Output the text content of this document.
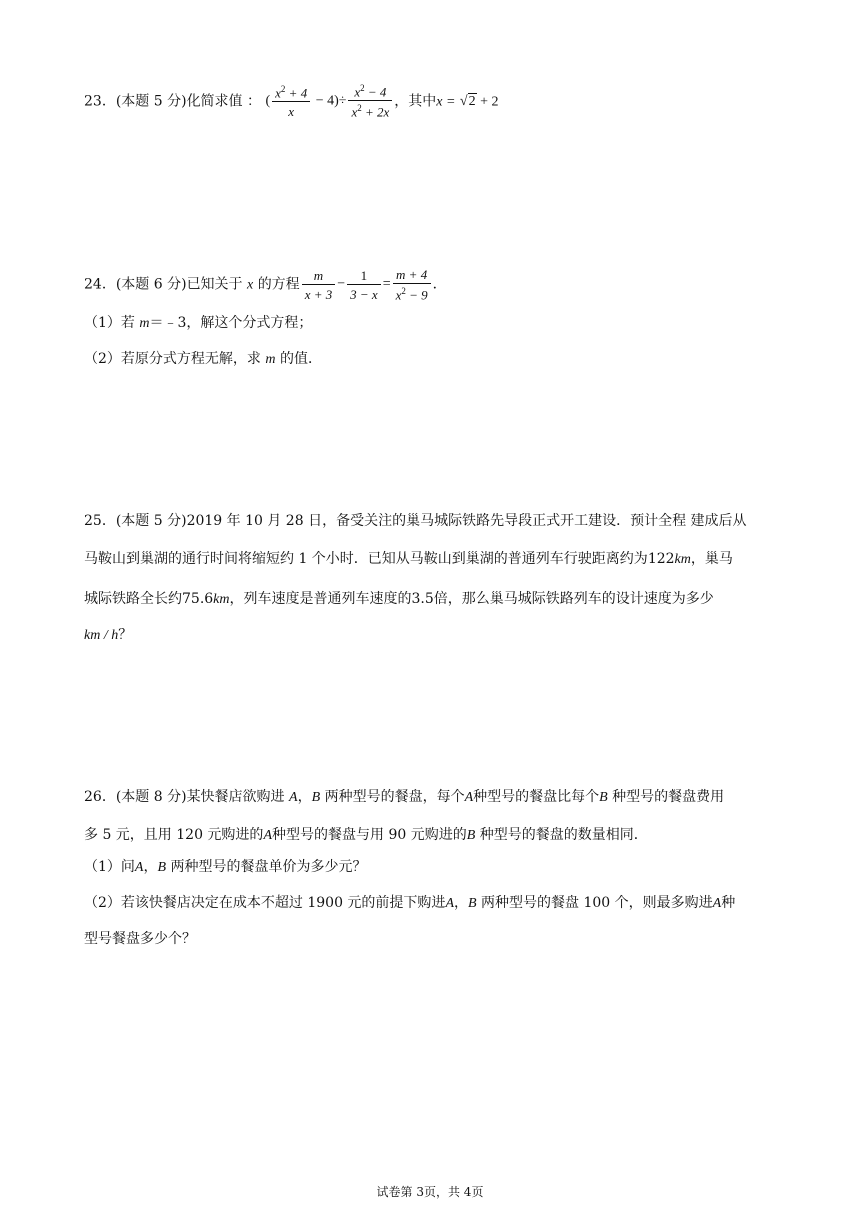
23．(本题 5 分)化简求值 ： ( $\frac{x^2 + 4}{x} - 4)\div \frac{x^2 - 4}{x^2 + 2x}$ ，其中x = √2 + 2
24．(本题 6 分)已知关于 x 的方程 $\frac{m}{x + 3} - \frac{1}{3 - x} = \frac{m + 4}{x^2 - 9}$ ．
（1）若 m＝﹣3，解这个分式方程；
（2）若原分式方程无解，求 m 的值．
25．(本题 5 分)2019 年 10 月 28 日，备受关注的巢马城际铁路先导段正式开工建设．预计全程 建成后从
马鞍山到巢湖的通行时间将缩短约 1 个小时．已知从马鞍山到巢湖的普通列车行驶距离约为122km，巢马
城际铁路全长约75.6km，列车速度是普通列车速度的3.5倍，那么巢马城际铁路列车的设计速度为多少
km / h？
26．(本题 8 分)某快餐店欲购进 A，B 两种型号的餐盘，每个A种型号的餐盘比每个B 种型号的餐盘费用
多 5 元，且用 120 元购进的A种型号的餐盘与用 90 元购进的B 种型号的餐盘的数量相同．
（1）问A，B 两种型号的餐盘单价为多少元？
（2）若该快餐店决定在成本不超过 1900 元的前提下购进A，B 两种型号的餐盘 100 个，则最多购进A种
型号餐盘多少个？
试卷第 3页，共 4页
